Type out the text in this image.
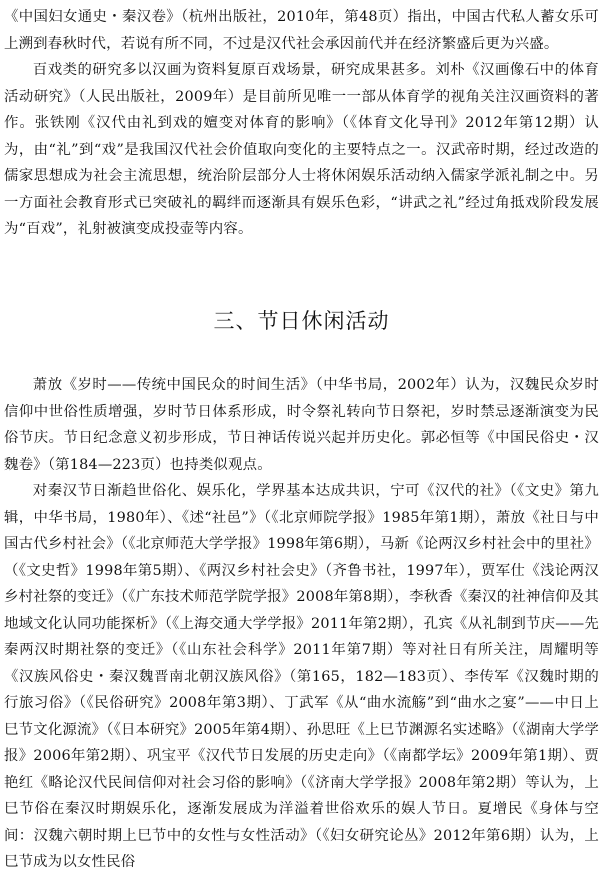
《中国妇女通史・秦汉卷》（杭州出版社，2010年，第48页）指出，中国古代私人蓄女乐可上溯到春秋时代，若说有所不同，不过是汉代社会承因前代并在经济繁盛后更为兴盛。

百戏类的研究多以汉画为资料复原百戏场景，研究成果甚多。刘朴《汉画像石中的体育活动研究》（人民出版社，2009年）是目前所见唯一一部从体育学的视角关注汉画资料的著作。张铁刚《汉代由礼到戏的嬗变对体育的影响》（《体育文化导刊》2012年第12期）认为，由“礼”到“戏”是我国汉代社会价值取向变化的主要特点之一。汉武帝时期，经过改造的儒家思想成为社会主流思想，统治阶层部分人士将休闲娱乐活动纳入儒家学派礼制之中。另一方面社会教育形式已突破礼的羁绊而逐渐具有娱乐色彩，“讲武之礼”经过角抵戏阶段发展为“百戏”，礼射被演变成投壶等内容。

三、节日休闲活动

萧放《岁时——传统中国民众的时间生活》（中华书局，2002年）认为，汉魏民众岁时信仰中世俗性质增强，岁时节日体系形成，时令祭礼转向节日祭祀，岁时禁忌逐渐演变为民俗节庆。节日纪念意义初步形成，节日神话传说兴起并历史化。郭必恒等《中国民俗史・汉魏卷》（第184—223页）也持类似观点。

对秦汉节日渐趋世俗化、娱乐化，学界基本达成共识，宁可《汉代的社》（《文史》第九辑，中华书局，1980年）、《述“社邑”》（《北京师院学报》1985年第1期），萧放《社日与中国古代乡村社会》（《北京师范大学学报》1998年第6期），马新《论两汉乡村社会中的里社》（《文史哲》1998年第5期）、《两汉乡村社会史》（齐鲁书社，1997年），贾军仕《浅论两汉乡村社祭的变迁》（《广东技术师范学院学报》2008年第8期），李秋香《秦汉的社神信仰及其地域文化认同功能探析》（《上海交通大学学报》2011年第2期），孔宾《从礼制到节庆——先秦两汉时期社祭的变迁》（《山东社会科学》2011年第7期）等对社日有所关注，周耀明等《汉族风俗史・秦汉魏晋南北朝汉族风俗》（第165，182—183页）、李传军《汉魏时期的行旅习俗》（《民俗研究》2008年第3期）、丁武军《从“曲水流觞”到“曲水之宴”——中日上巳节文化源流》（《日本研究》2005年第4期）、孙思旺《上巳节渊源名实述略》（《湖南大学学报》2006年第2期）、巩宝平《汉代节日发展的历史走向》（《南都学坛》2009年第1期）、贾艳红《略论汉代民间信仰对社会习俗的影响》（《济南大学学报》2008年第2期）等认为，上巳节俗在秦汉时期娱乐化，逐渐发展成为洋溢着世俗欢乐的娱人节日。夏增民《身体与空间：汉魏六朝时期上巳节中的女性与女性活动》（《妇女研究论丛》2012年第6期）认为，上巳节成为以女性民俗
